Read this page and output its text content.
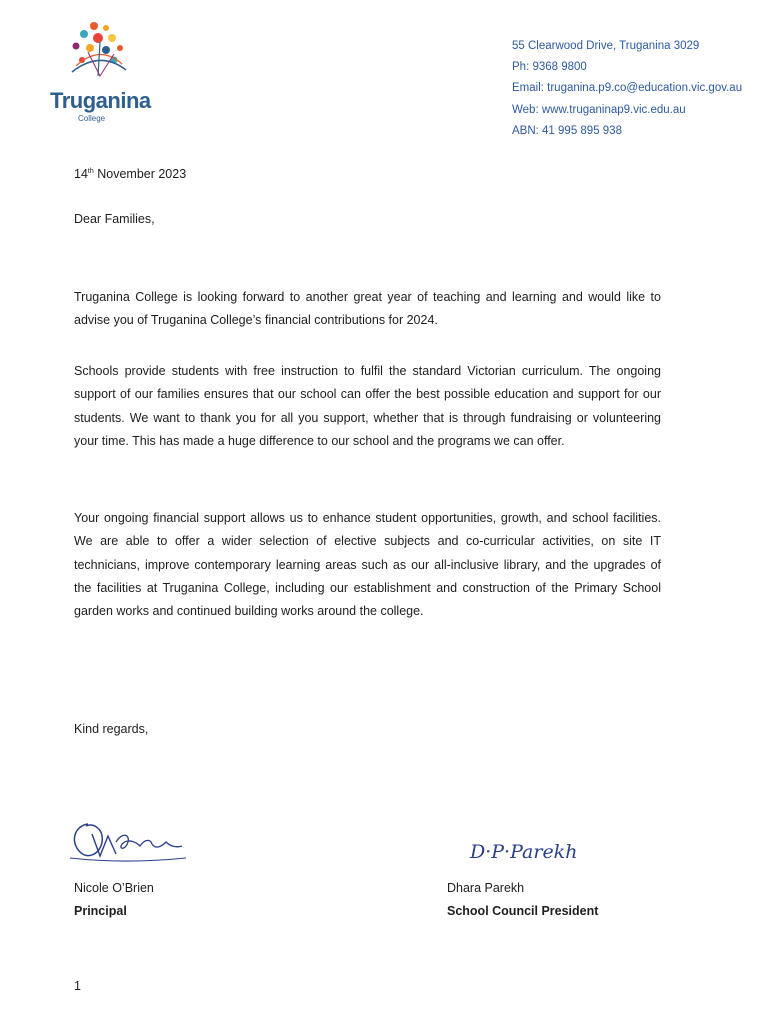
Truganina
College
55 Clearwood Drive, Truganina 3029
Ph: 9368 9800
Email: truganina.p9.co@education.vic.gov.au
Web: www.truganinap9.vic.edu.au
ABN: 41 995 895 938
14th November 2023
Dear Families,

Truganina College is looking forward to another great year of teaching and learning and would like to advise you of Truganina College’s financial contributions for 2024.

Schools provide students with free instruction to fulfil the standard Victorian curriculum. The ongoing support of our families ensures that our school can offer the best possible education and support for our students. We want to thank you for all you support, whether that is through fundraising or volunteering your time. This has made a huge difference to our school and the programs we can offer.

Your ongoing financial support allows us to enhance student opportunities, growth, and school facilities. We are able to offer a wider selection of elective subjects and co-curricular activities, on site IT technicians, improve contemporary learning areas such as our all-inclusive library, and the upgrades of the facilities at Truganina College, including our establishment and construction of the Primary School garden works and continued building works around the college.

Kind regards,
D·P·Parekh
Nicole O’Brien
Principal
Dhara Parekh
School Council President
1
